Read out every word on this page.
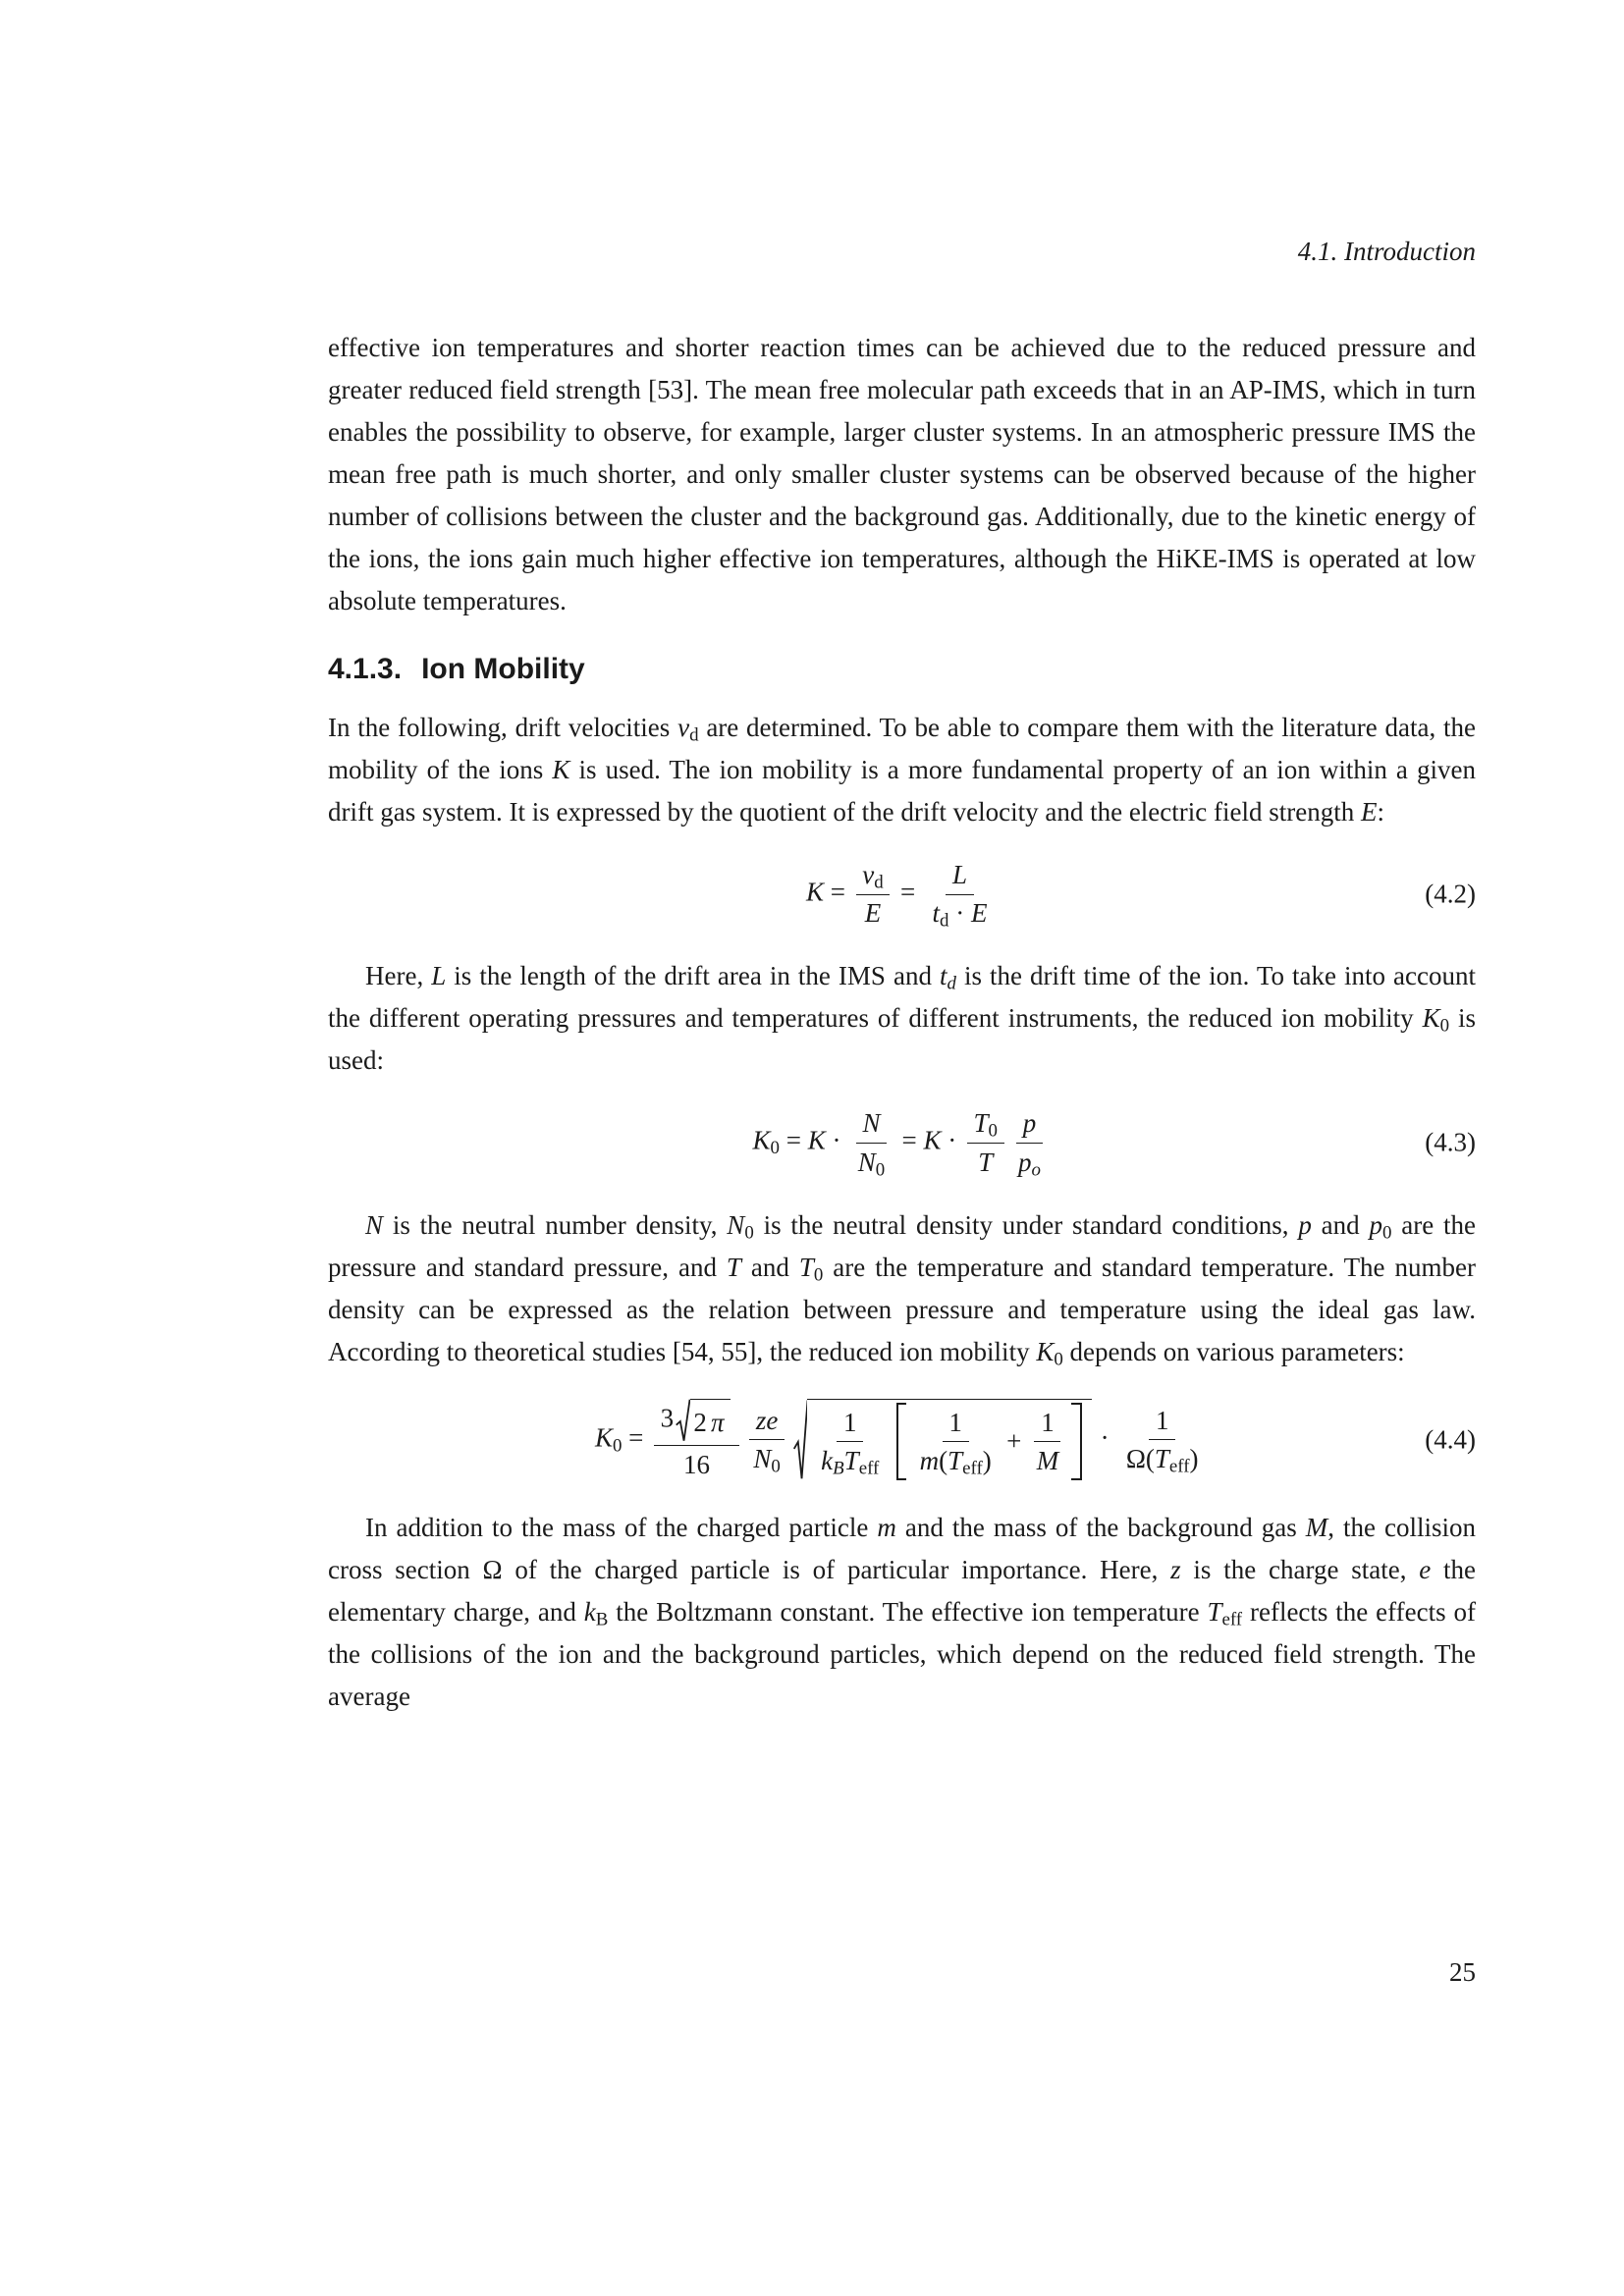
4.1. Introduction

effective ion temperatures and shorter reaction times can be achieved due to the reduced pressure and greater reduced field strength [53]. The mean free molecular path exceeds that in an AP-IMS, which in turn enables the possibility to observe, for example, larger cluster systems. In an atmospheric pressure IMS the mean free path is much shorter, and only smaller cluster systems can be observed because of the higher number of collisions between the cluster and the background gas. Additionally, due to the kinetic energy of the ions, the ions gain much higher effective ion temperatures, although the HiKE-IMS is operated at low absolute temperatures.

4.1.3. Ion Mobility

In the following, drift velocities vd are determined. To be able to compare them with the literature data, the mobility of the ions K is used. The ion mobility is a more fundamental property of an ion within a given drift gas system. It is expressed by the quotient of the drift velocity and the electric field strength E:

$K = \frac{vd}{E} = \frac{L}{td \cdot E}$	(4.2)

Here, L is the length of the drift area in the IMS and td is the drift time of the ion. To take into account the different operating pressures and temperatures of different instruments, the reduced ion mobility K0 is used:

$K0 = K \cdot \frac{N}{N0} = K \cdot \frac{T0}{T} \frac{p}{po}$	(4.3)

N is the neutral number density, N0 is the neutral density under standard conditions, p and p0 are the pressure and standard pressure, and T and T0 are the temperature and standard temperature. The number density can be expressed as the relation between pressure and temperature using the ideal gas law. According to theoretical studies [54, 55], the reduced ion mobility K0 depends on various parameters:

$K0 = \frac{3 2 \pi}{16} \frac{ze}{N0} \frac{1}{\text{kBTeff}} \frac{1}{\text{m(Teff)}} + \frac{1}{M} \cdot \frac{1}{\text{Ω(Teff)}}$	(4.4)

In addition to the mass of the charged particle m and the mass of the background gas M, the collision cross section Ω of the charged particle is of particular importance. Here, z is the charge state, e the elementary charge, and kB the Boltzmann constant. The effective ion temperature Teff reflects the effects of the collisions of the ion and the background particles, which depend on the reduced field strength. The average

25
